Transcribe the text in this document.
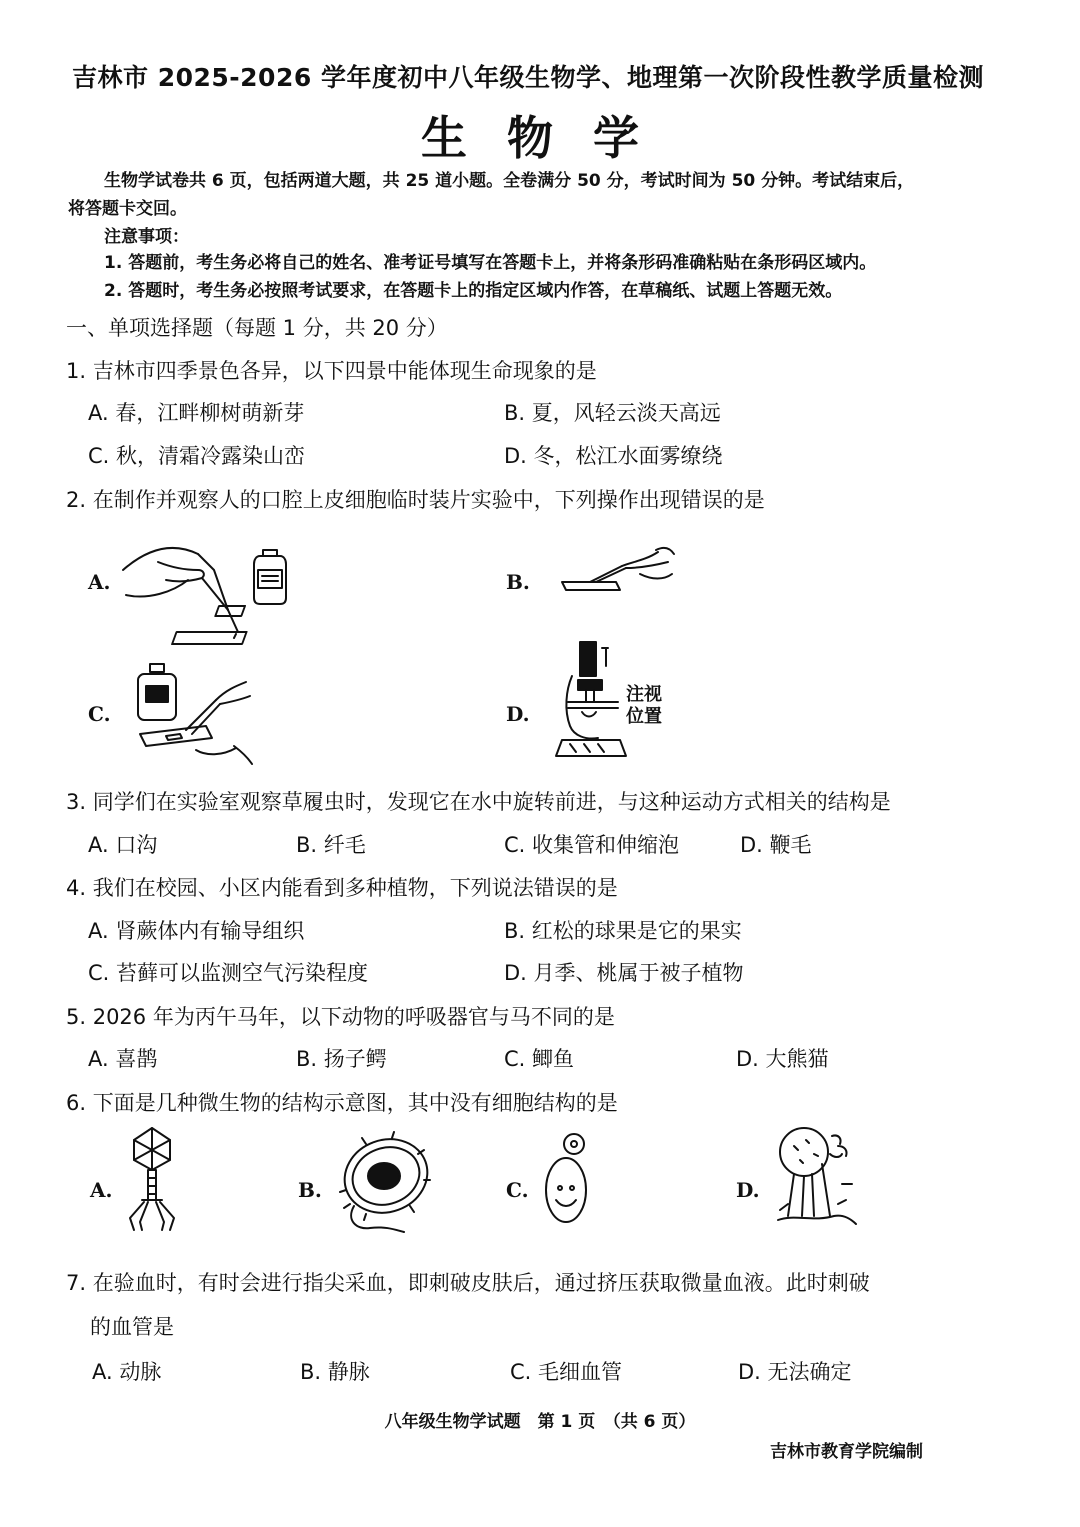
吉林市 2025-2026 学年度初中八年级生物学、地理第一次阶段性教学质量检测
生物学
生物学试卷共 6 页，包括两道大题，共 25 道小题。全卷满分 50 分，考试时间为 50 分钟。考试结束后，
将答题卡交回。
注意事项：
1. 答题前，考生务必将自己的姓名、准考证号填写在答题卡上，并将条形码准确粘贴在条形码区域内。
2. 答题时，考生务必按照考试要求，在答题卡上的指定区域内作答，在草稿纸、试题上答题无效。
一、单项选择题（每题 1 分，共 20 分）
1. 吉林市四季景色各异，以下四景中能体现生命现象的是
A. 春，江畔柳树萌新芽	B. 夏，风轻云淡天高远
C. 秋，清霜冷露染山峦	D. 冬，松江水面雾缭绕
2. 在制作并观察人的口腔上皮细胞临时装片实验中，下列操作出现错误的是
A.	B.
C.	D.
注视位置
3. 同学们在实验室观察草履虫时，发现它在水中旋转前进，与这种运动方式相关的结构是
A. 口沟	B. 纤毛	C. 收集管和伸缩泡	D. 鞭毛
4. 我们在校园、小区内能看到多种植物，下列说法错误的是
A. 肾蕨体内有输导组织	B. 红松的球果是它的果实
C. 苔藓可以监测空气污染程度	D. 月季、桃属于被子植物
5. 2026 年为丙午马年，以下动物的呼吸器官与马不同的是
A. 喜鹊	B. 扬子鳄	C. 鲫鱼	D. 大熊猫
6. 下面是几种微生物的结构示意图，其中没有细胞结构的是
A.	B.	C.	D.
7. 在验血时，有时会进行指尖采血，即刺破皮肤后，通过挤压获取微量血液。此时刺破
的血管是
A. 动脉	B. 静脉	C. 毛细血管	D. 无法确定
八年级生物学试题　第 1 页　（共 6 页）
吉林市教育学院编制
